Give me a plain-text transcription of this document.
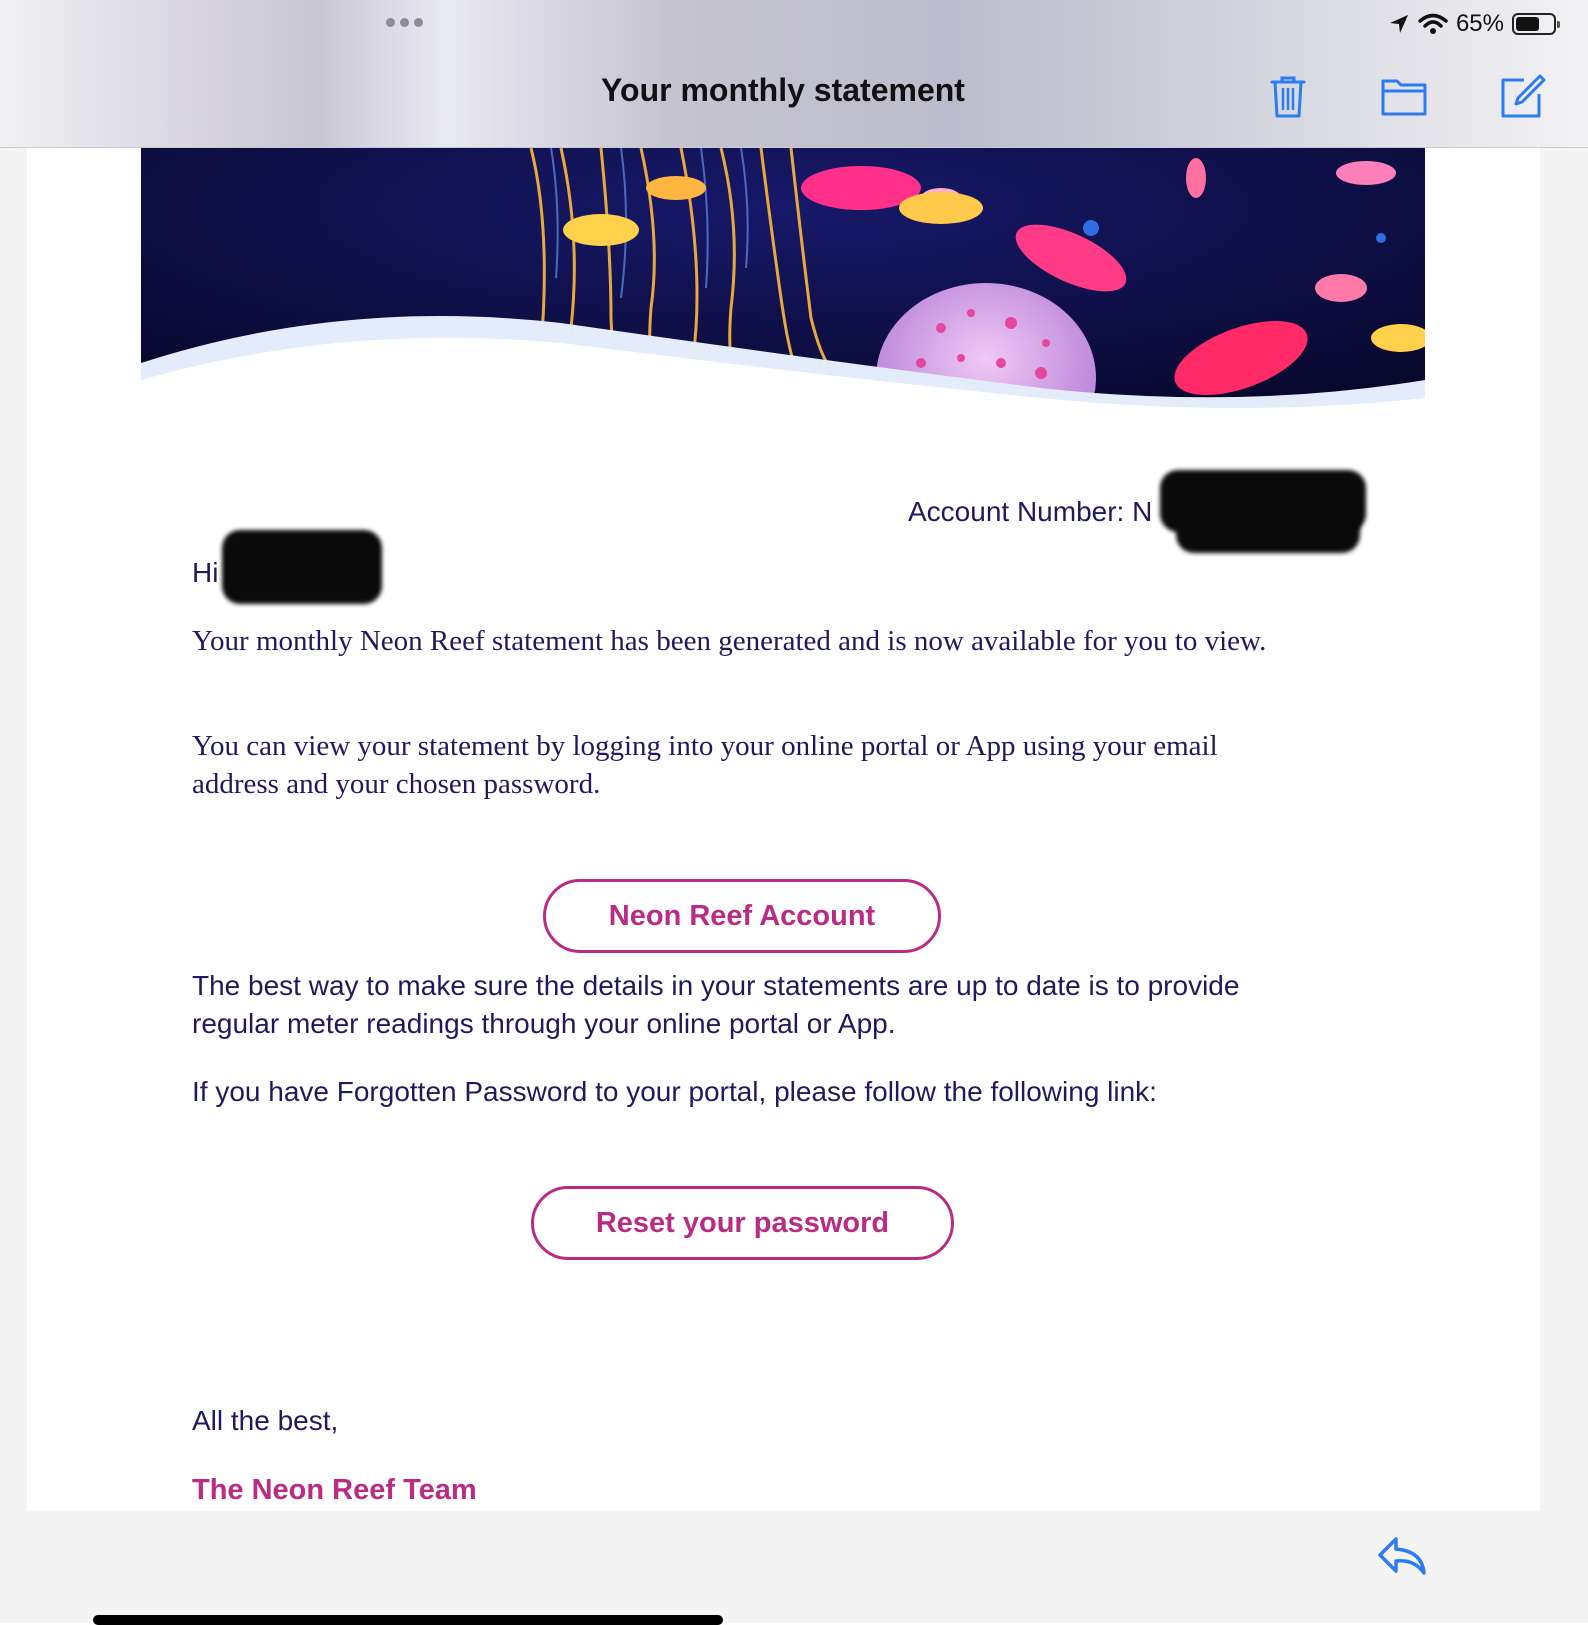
65%
Your monthly statement
Account Number: N
Hi
Your monthly Neon Reef statement has been generated and is now available for you to view.
You can view your statement by logging into your online portal or App using your email address and your chosen password.
Neon Reef Account
The best way to make sure the details in your statements are up to date is to provide regular meter readings through your online portal or App.
If you have Forgotten Password to your portal, please follow the following link:
Reset your password
All the best,
The Neon Reef Team
